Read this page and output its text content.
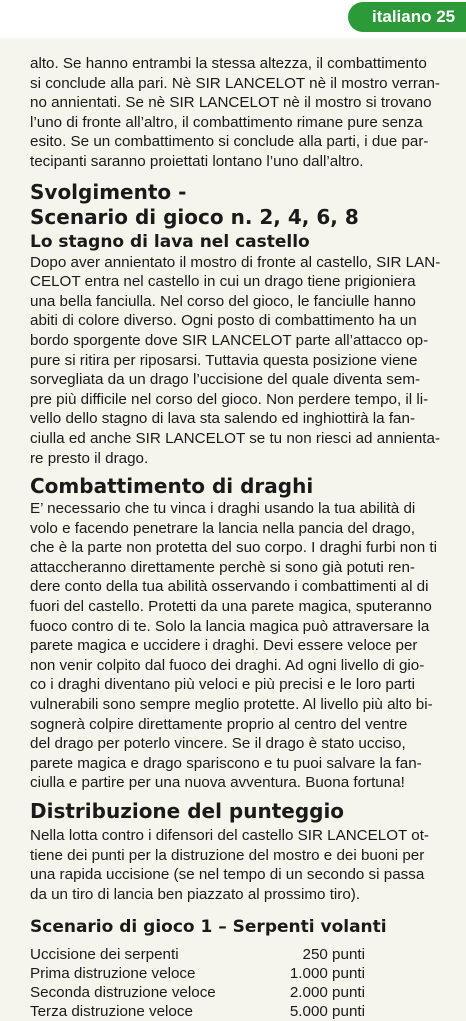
italiano 25

alto. Se hanno entrambi la stessa altezza, il combattimento

si conclude alla pari. Nè SIR LANCELOT nè il mostro verran-

no annientati. Se nè SIR LANCELOT nè il mostro si trovano

l’uno di fronte all’altro, il combattimento rimane pure senza

esito. Se un combattimento si conclude alla parti, i due par-

tecipanti saranno proiettati lontano l’uno dall’altro.

Svolgimento -
Scenario di gioco n. 2, 4, 6, 8
Lo stagno di lava nel castello

Dopo aver annientato il mostro di fronte al castello, SIR LAN-

CELOT entra nel castello in cui un drago tiene prigioniera

una bella fanciulla. Nel corso del gioco, le fanciulle hanno

abiti di colore diverso. Ogni posto di combattimento ha un

bordo sporgente dove SIR LANCELOT parte all’attacco op-

pure si ritira per riposarsi. Tuttavia questa posizione viene

sorvegliata da un drago l’uccisione del quale diventa sem-

pre più difficile nel corso del gioco. Non perdere tempo, il li-

vello dello stagno di lava sta salendo ed inghiottirà la fan-

ciulla ed anche SIR LANCELOT se tu non riesci ad annienta-

re presto il drago.

Combattimento di draghi

E’ necessario che tu vinca i draghi usando la tua abilità di

volo e facendo penetrare la lancia nella pancia del drago,

che è la parte non protetta del suo corpo. I draghi furbi non ti

attaccheranno direttamente perchè si sono già potuti ren-

dere conto della tua abilità osservando i combattimenti al di

fuori del castello. Protetti da una parete magica, sputeranno

fuoco contro di te. Solo la lancia magica può attraversare la

parete magica e uccidere i draghi. Devi essere veloce per

non venir colpito dal fuoco dei draghi. Ad ogni livello di gio-

co i draghi diventano più veloci e più precisi e le loro parti

vulnerabili sono sempre meglio protette. Al livello più alto bi-

sognerà colpire direttamente proprio al centro del ventre

del drago per poterlo vincere. Se il drago è stato ucciso,

parete magica e drago spariscono e tu puoi salvare la fan-

ciulla e partire per una nuova avventura. Buona fortuna!

Distribuzione del punteggio

Nella lotta contro i difensori del castello SIR LANCELOT ot-

tiene dei punti per la distruzione del mostro e dei buoni per

una rapida uccisione (se nel tempo di un secondo si passa

da un tiro di lancia ben piazzato al prossimo tiro).

Scenario di gioco 1 – Serpenti volanti
Uccisione dei serpenti	250 punti
Prima distruzione veloce	1.000 punti
Seconda distruzione veloce	2.000 punti
Terza distruzione veloce	5.000 punti
